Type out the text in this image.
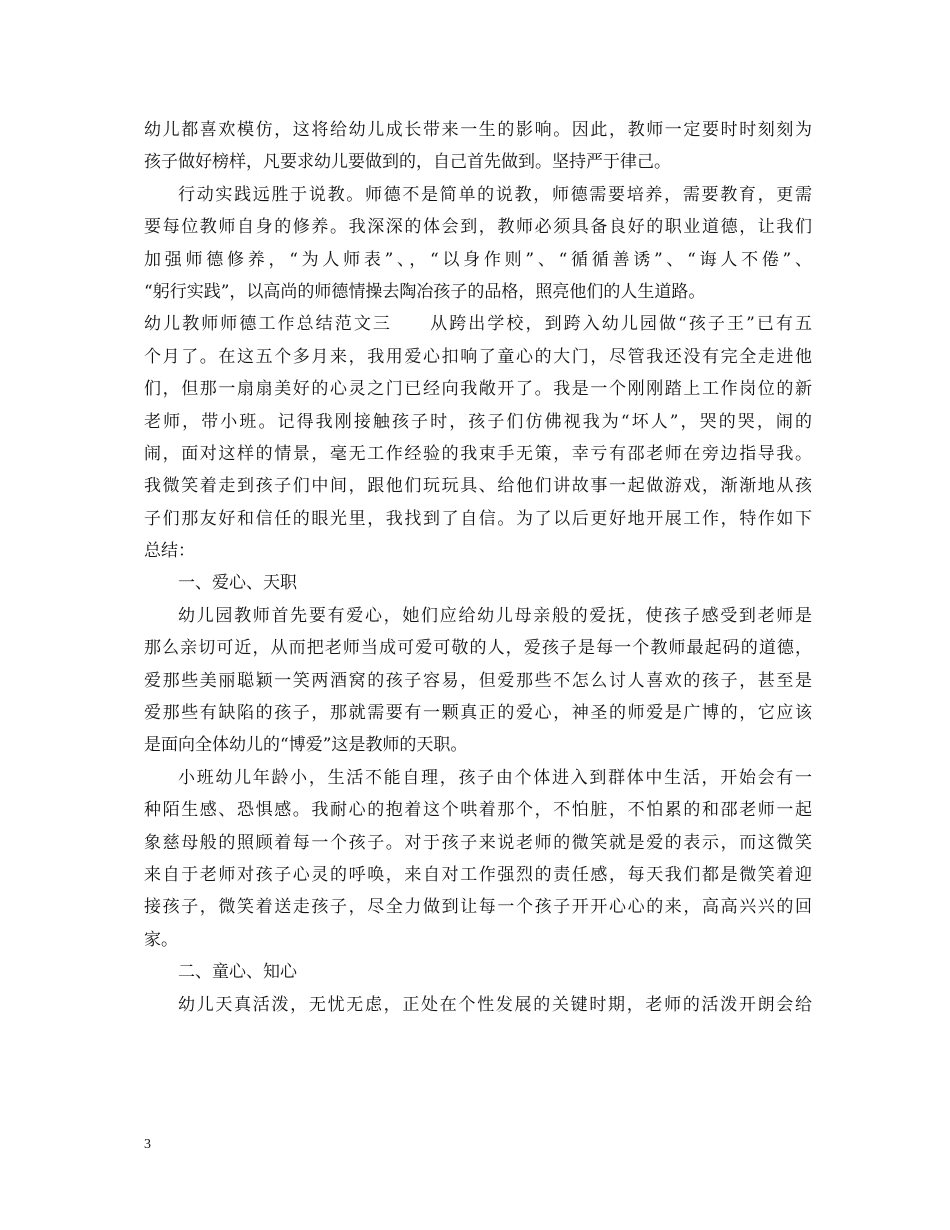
幼儿都喜欢模仿，这将给幼儿成长带来一生的影响。因此，教师一定要时时刻刻为
孩子做好榜样，凡要求幼儿要做到的，自己首先做到。坚持严于律己。
行动实践远胜于说教。师德不是简单的说教，师德需要培养，需要教育，更需
要每位教师自身的修养。我深深的体会到，教师必须具备良好的职业道德，让我们
加强师德修养，“为人师表”、，“以身作则”、“循循善诱”、“诲人不倦”、
“躬行实践”，以高尚的师德情操去陶冶孩子的品格，照亮他们的人生道路。
幼儿教师师德工作总结范文三　　从跨出学校，到跨入幼儿园做“孩子王”已有五
个月了。在这五个多月来，我用爱心扣响了童心的大门，尽管我还没有完全走进他
们，但那一扇扇美好的心灵之门已经向我敞开了。我是一个刚刚踏上工作岗位的新
老师，带小班。记得我刚接触孩子时，孩子们仿佛视我为“坏人”，哭的哭，闹的
闹，面对这样的情景，毫无工作经验的我束手无策，幸亏有邵老师在旁边指导我。
我微笑着走到孩子们中间，跟他们玩玩具、给他们讲故事一起做游戏，渐渐地从孩
子们那友好和信任的眼光里，我找到了自信。为了以后更好地开展工作，特作如下
总结：
一、爱心、天职
幼儿园教师首先要有爱心，她们应给幼儿母亲般的爱抚，使孩子感受到老师是
那么亲切可近，从而把老师当成可爱可敬的人，爱孩子是每一个教师最起码的道德，
爱那些美丽聪颖一笑两酒窝的孩子容易，但爱那些不怎么讨人喜欢的孩子，甚至是
爱那些有缺陷的孩子，那就需要有一颗真正的爱心，神圣的师爱是广博的，它应该
是面向全体幼儿的“博爱”这是教师的天职。
小班幼儿年龄小，生活不能自理，孩子由个体进入到群体中生活，开始会有一
种陌生感、恐惧感。我耐心的抱着这个哄着那个，不怕脏，不怕累的和邵老师一起
象慈母般的照顾着每一个孩子。对于孩子来说老师的微笑就是爱的表示，而这微笑
来自于老师对孩子心灵的呼唤，来自对工作强烈的责任感，每天我们都是微笑着迎
接孩子，微笑着送走孩子，尽全力做到让每一个孩子开开心心的来，高高兴兴的回
家。
二、童心、知心
幼儿天真活泼，无忧无虑，正处在个性发展的关键时期，老师的活泼开朗会给
3
